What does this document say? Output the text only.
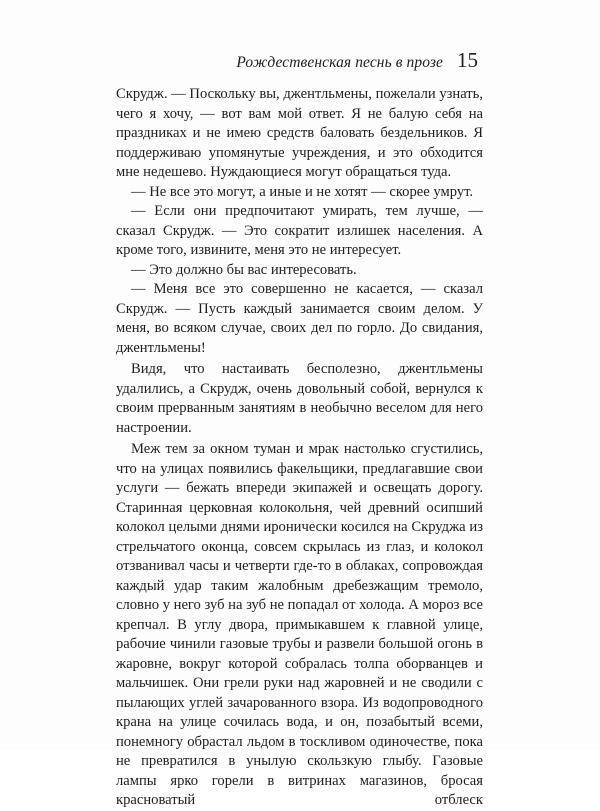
Рождественская песнь в прозе 15

Скрудж. — Поскольку вы, джентльмены, пожелали узнать, чего я хочу, — вот вам мой ответ. Я не балую себя на праздниках и не имею средств баловать бездельников. Я поддерживаю упомянутые учреждения, и это обходится мне недешево. Нуждающиеся могут обращаться туда.

— Не все это могут, а иные и не хотят — скорее умрут.

— Если они предпочитают умирать, тем лучше, — сказал Скрудж. — Это сократит излишек населения. А кроме того, извините, меня это не интересует.

— Это должно бы вас интересовать.

— Меня все это совершенно не касается, — сказал Скрудж. — Пусть каждый занимается своим делом. У меня, во всяком случае, своих дел по горло. До свидания, джентльмены!

Видя, что настаивать бесполезно, джентльмены удалились, а Скрудж, очень довольный собой, вернулся к своим прерванным занятиям в необычно веселом для него настроении.

Меж тем за окном туман и мрак настолько сгустились, что на улицах появились факельщики, предлагавшие свои услуги — бежать впереди экипажей и освещать дорогу. Старинная церковная колокольня, чей древний осипший колокол целыми днями иронически косился на Скруджа из стрельчатого оконца, совсем скрылась из глаз, и колокол отзванивал часы и четверти где-то в облаках, сопровождая каждый удар таким жалобным дребезжащим тремоло, словно у него зуб на зуб не попадал от холода. А мороз все крепчал. В углу двора, примыкавшем к главной улице, рабочие чинили газовые трубы и развели большой огонь в жаровне, вокруг которой собралась толпа оборванцев и мальчишек. Они грели руки над жаровней и не сводили с пылающих углей зачарованного взора. Из водопроводного крана на улице сочилась вода, и он, позабытый всеми, понемногу обрастал льдом в тоскливом одиночестве, пока не превратился в унылую скользкую глыбу. Газовые лампы ярко горели в витринах магазинов, бросая красноватый отблеск
